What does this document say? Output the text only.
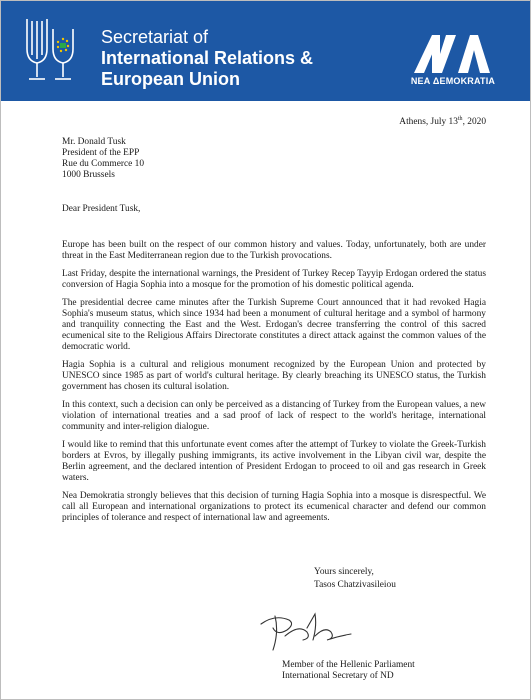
Secretariat of
International Relations &
European Union	NEA ΔΕΜΟΚRATIA
Athens, July 13th, 2020
Mr. Donald Tusk
President of the EPP
Rue du Commerce 10
1000 Brussels
Dear President Tusk,

Europe has been built on the respect of our common history and values. Today, unfortunately, both are under threat in the East Mediterranean region due to the Turkish provocations.

Last Friday, despite the international warnings, the President of Turkey Recep Tayyip Erdogan ordered the status conversion of Hagia Sophia into a mosque for the promotion of his domestic political agenda.

The presidential decree came minutes after the Turkish Supreme Court announced that it had revoked Hagia Sophia's museum status, which since 1934 had been a monument of cultural heritage and a symbol of harmony and tranquility connecting the East and the West. Erdogan's decree transferring the control of this sacred ecumenical site to the Religious Affairs Directorate constitutes a direct attack against the common values of the democratic world.

Hagia Sophia is a cultural and religious monument recognized by the European Union and protected by UNESCO since 1985 as part of world's cultural heritage. By clearly breaching its UNESCO status, the Turkish government has chosen its cultural isolation.

In this context, such a decision can only be perceived as a distancing of Turkey from the European values, a new violation of international treaties and a sad proof of lack of respect to the world's heritage, international community and inter-religion dialogue.

I would like to remind that this unfortunate event comes after the attempt of Turkey to violate the Greek-Turkish borders at Evros, by illegally pushing immigrants, its active involvement in the Libyan civil war, despite the Berlin agreement, and the declared intention of President Erdogan to proceed to oil and gas research in Greek waters.

Nea Demokratia strongly believes that this decision of turning Hagia Sophia into a mosque is disrespectful. We call all European and international organizations to protect its ecumenical character and defend our common principles of tolerance and respect of international law and agreements.

Yours sincerely,
Tasos Chatzivasileiou
Member of the Hellenic Parliament
International Secretary of ND
